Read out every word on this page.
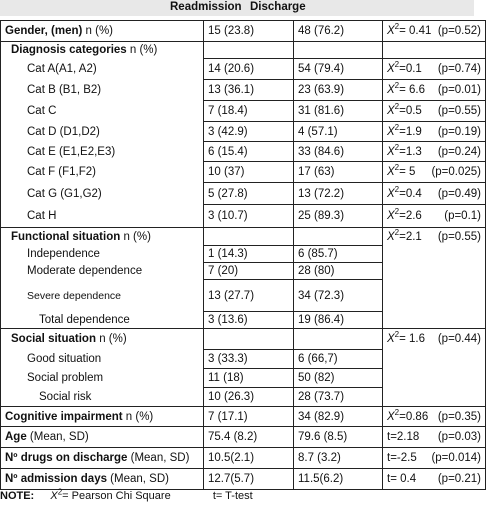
Readmission Discharge
Gender, (men) n (%)	15 (23.8)	48 (76.2)	$X^2= 0.41$ (p=0.52)

Diagnosis categories n (%)			
Cat A(A1, A2)	14 (20.6)	54 (79.4)	$X^2=0.1$ (p=0.74)

Cat B (B1, B2)	13 (36.1)	23 (63.9)	$X^2= 6.6$ (p=0.01)

Cat C	7 (18.4)	31 (81.6)	$X^2=0.5$ (p=0.55)

Cat D (D1,D2)	3 (42.9)	4 (57.1)	$X^2=1.9$ (p=0.19)

Cat E (E1,E2,E3)	6 (15.4)	33 (84.6)	$X^2=1.3$ (p=0.24)

Cat F (F1,F2)	10 (37)	17 (63)	$X^2= 5$ (p=0.025)

Cat G (G1,G2)	5 (27.8)	13 (72.2)	$X^2=0.4$ (p=0.49)

Cat H	3 (10.7)	25 (89.3)	$X^2=2.6$ (p=0.1)

Functional situation n (%)			$X^2=2.1$ (p=0.55)

Independence	1 (14.3)	6 (85.7)	
Moderate dependence	7 (20)	28 (80)	
Severe dependence	13 (27.7)	34 (72.3)	
Total dependence	3 (13.6)	19 (86.4)	
Social situation n (%)			$X^2= 1.6$ (p=0.44)

Good situation	3 (33.3)	6 (66,7)	
Social problem	11 (18)	50 (82)	
Social risk	10 (26.3)	28 (73.7)	
Cognitive impairment n (%)	7 (17.1)	34 (82.9)	$X^2=0.86$ (p=0.35)

Age (Mean, SD)	75.4 (8.2)	79.6 (8.5)	t=2.18 (p=0.03)

Nº drugs on discharge (Mean, SD)	10.5(2.1)	8.7 (3.2)	t=-2.5 (p=0.014)

Nº admission days (Mean, SD)	12.7(5.7)	11.5(6.2)	t= 0.4 (p=0.21)
NOTE: $X^2=$ Pearson Chi Square	t= T-test
